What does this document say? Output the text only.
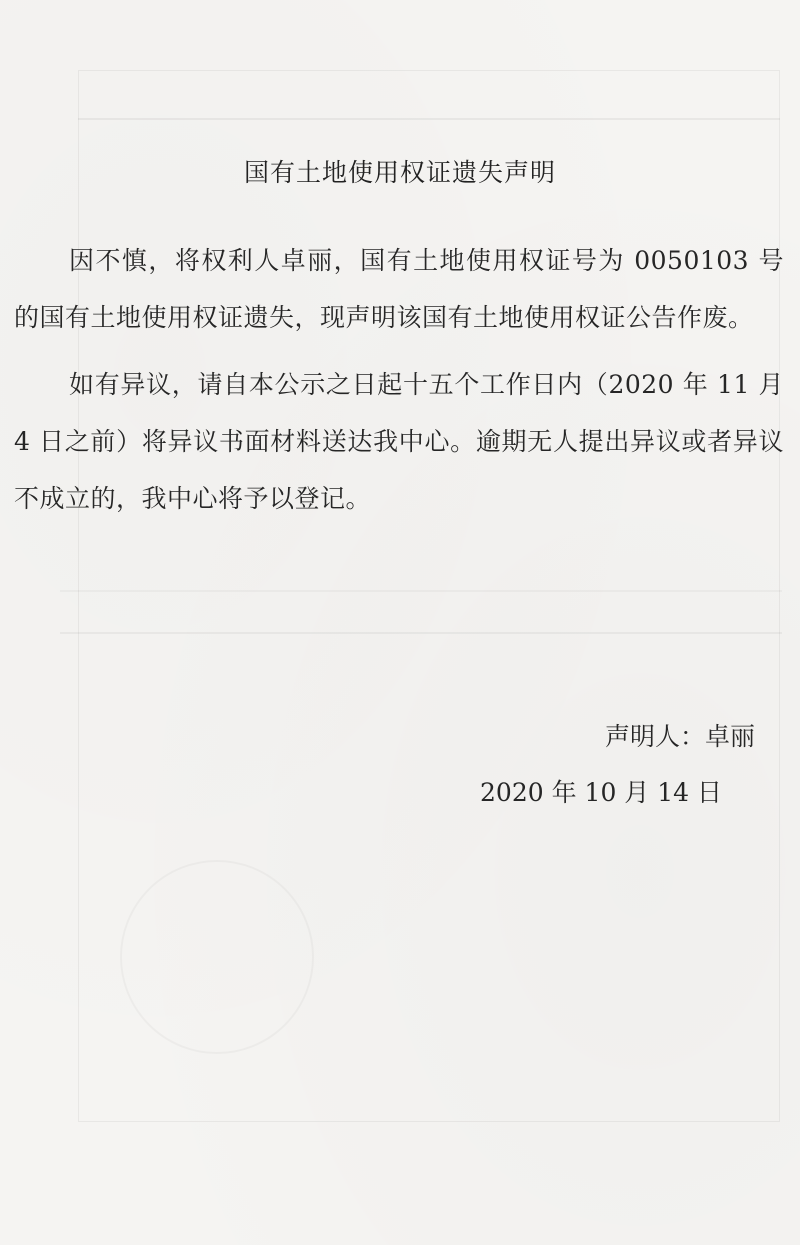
国有土地使用权证遗失声明

因不慎，将权利人卓丽，国有土地使用权证号为 0050103 号的国有土地使用权证遗失，现声明该国有土地使用权证公告作废。

如有异议，请自本公示之日起十五个工作日内（2020 年 11 月 4 日之前）将异议书面材料送达我中心。逾期无人提出异议或者异议不成立的，我中心将予以登记。

声明人：卓丽
2020 年 10 月 14 日
